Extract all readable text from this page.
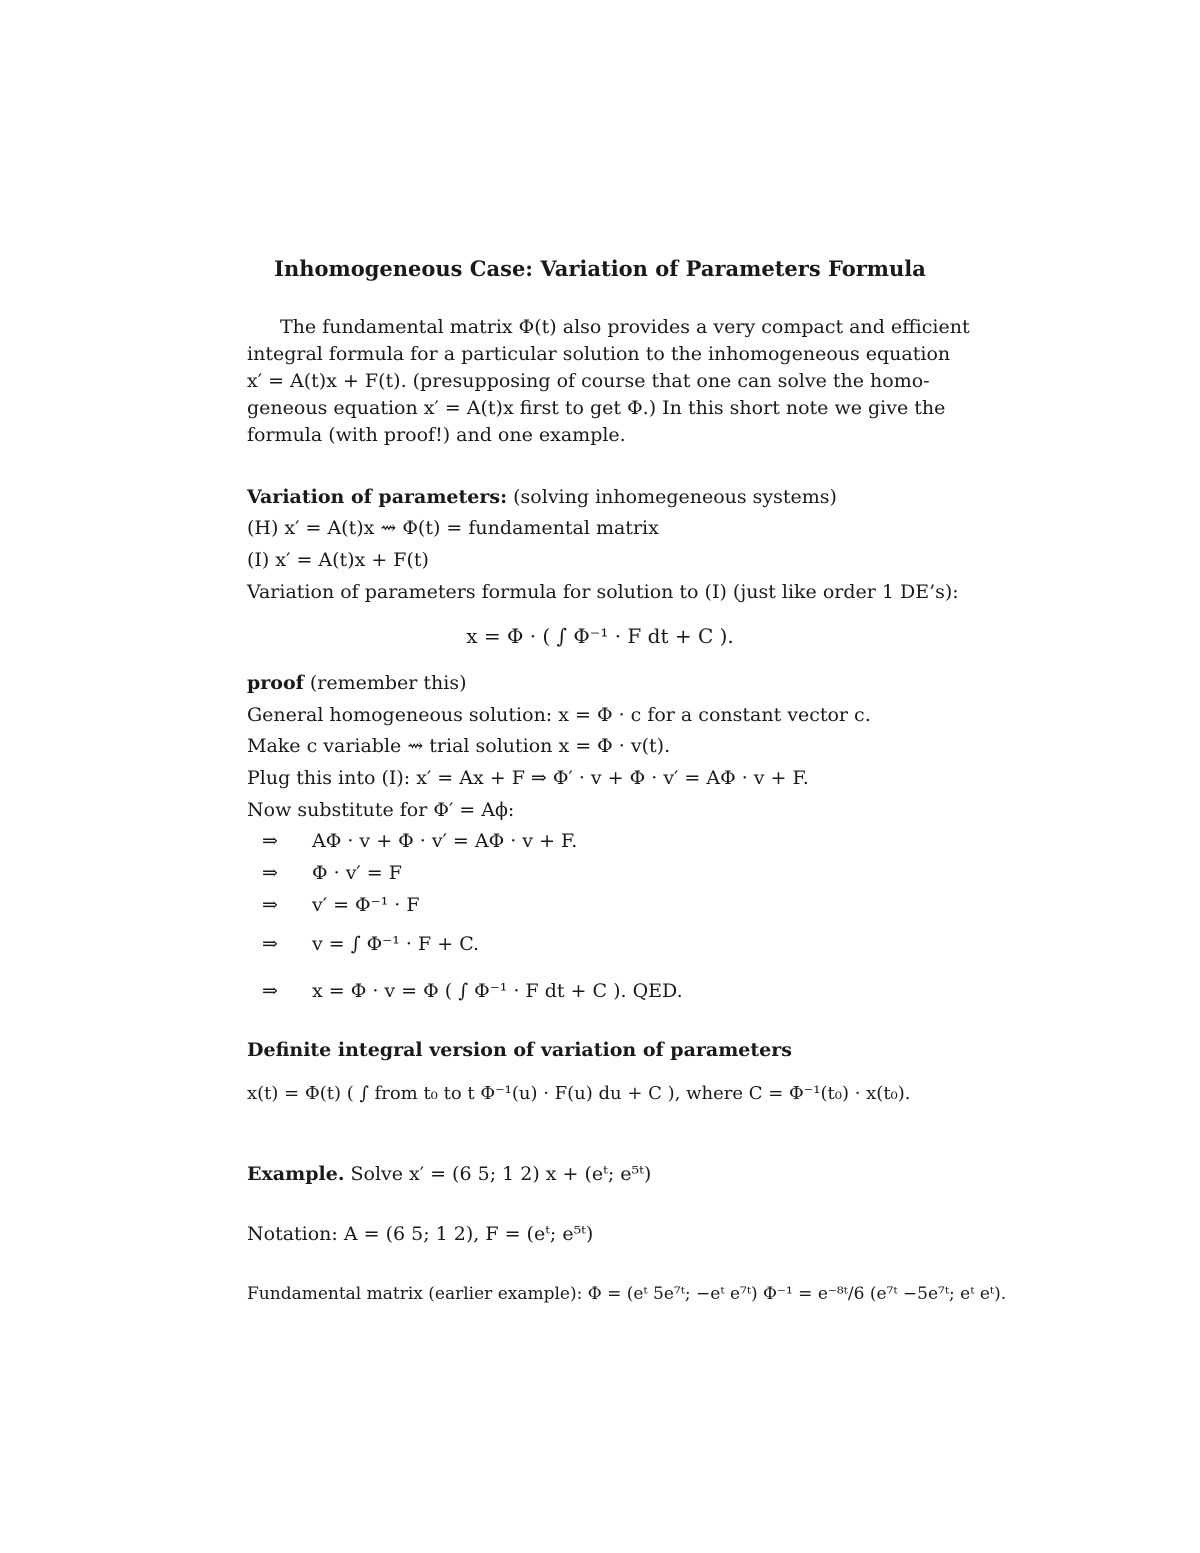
Inhomogeneous Case: Variation of Parameters Formula
The fundamental matrix Φ(t) also provides a very compact and efficient
integral formula for a particular solution to the inhomogeneous equation
x′ = A(t)x + F(t). (presupposing of course that one can solve the homo-
geneous equation x′ = A(t)x first to get Φ.) In this short note we give the
formula (with proof!) and one example.
Variation of parameters: (solving inhomegeneous systems)
(H) x′ = A(t)x ⇝ Φ(t) = fundamental matrix
(I) x′ = A(t)x + F(t)
Variation of parameters formula for solution to (I) (just like order 1 DE’s):
x = Φ · ( ∫ Φ⁻¹ · F dt + C ).
proof (remember this)
General homogeneous solution: x = Φ · c for a constant vector c.
Make c variable ⇝ trial solution x = Φ · v(t).
Plug this into (I): x′ = Ax + F ⇒ Φ′ · v + Φ · v′ = AΦ · v + F.
Now substitute for Φ′ = Aϕ:
⇒ AΦ · v + Φ · v′ = AΦ · v + F.
⇒ Φ · v′ = F
⇒ v′ = Φ⁻¹ · F
⇒ v = ∫ Φ⁻¹ · F + C.
⇒ x = Φ · v = Φ ( ∫ Φ⁻¹ · F dt + C ). QED.
Definite integral version of variation of parameters
x(t) = Φ(t) ( ∫ from t₀ to t Φ⁻¹(u) · F(u) du + C ), where C = Φ⁻¹(t₀) · x(t₀).
Example. Solve x′ = (6 5; 1 2) x + (eᵗ; e⁵ᵗ)
Notation: A = (6 5; 1 2), F = (eᵗ; e⁵ᵗ)
Fundamental matrix (earlier example): Φ = (eᵗ 5e⁷ᵗ; −eᵗ e⁷ᵗ) Φ⁻¹ = e⁻⁸ᵗ/6 (e⁷ᵗ −5e⁷ᵗ; eᵗ eᵗ).
